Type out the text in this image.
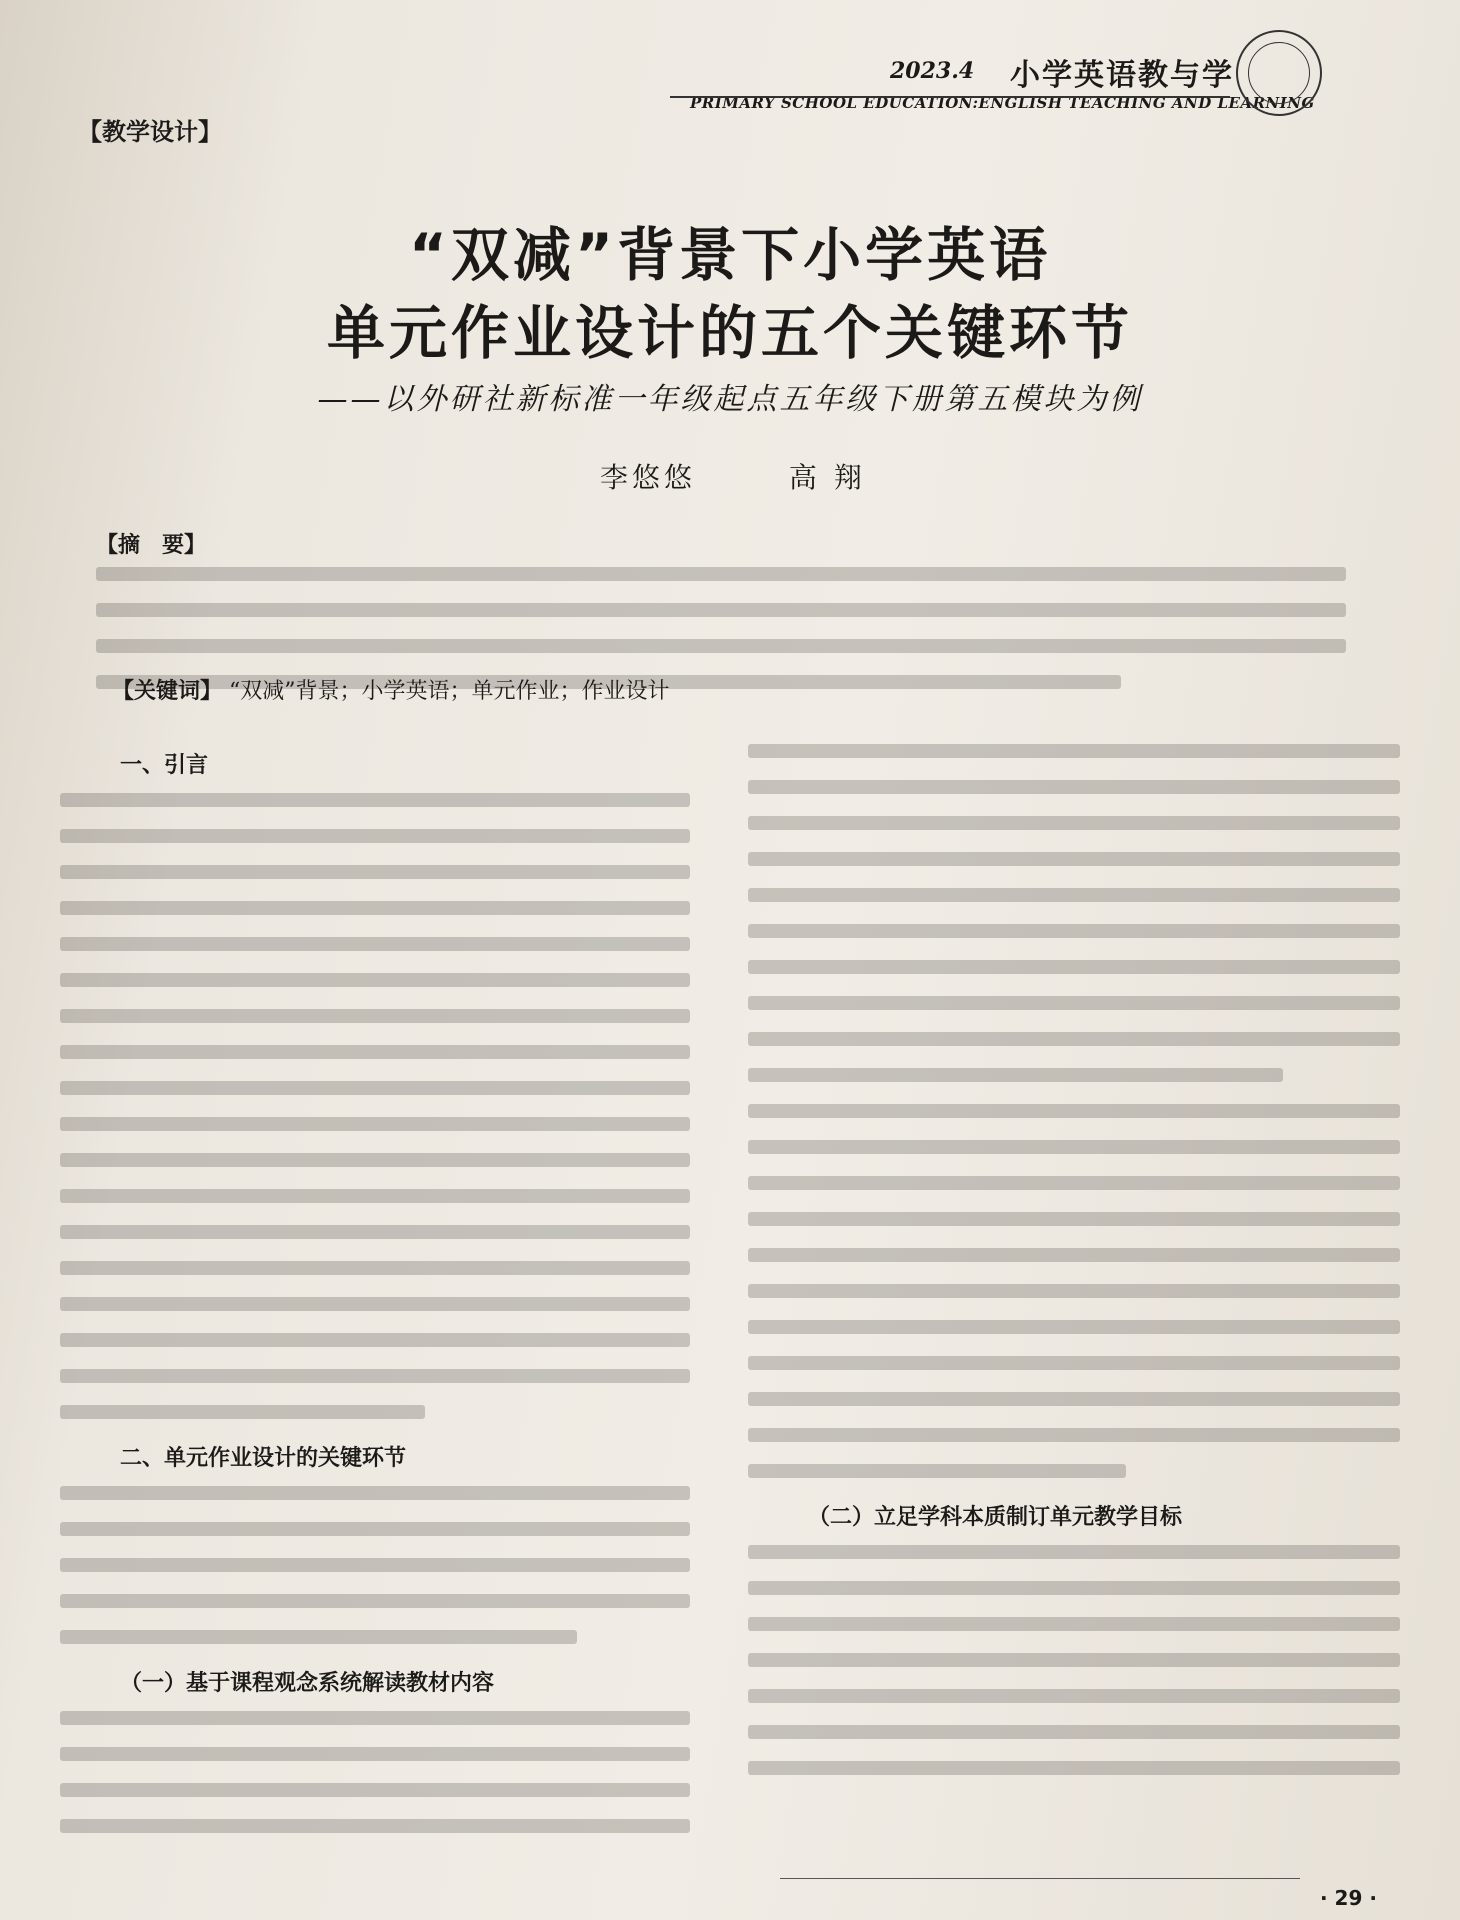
2023.4 小学英语教与学
PRIMARY SCHOOL EDUCATION:ENGLISH TEACHING AND LEARNING
【教学设计】
“双减”背景下小学英语
单元作业设计的五个关键环节
——以外研社新标准一年级起点五年级下册第五模块为例
李悠悠	高 翔
【摘　要】
【关键词】 “双减”背景；小学英语；单元作业；作业设计
一、引言
二、单元作业设计的关键环节
（一）基于课程观念系统解读教材内容
（二）立足学科本质制订单元教学目标
· 29 ·
